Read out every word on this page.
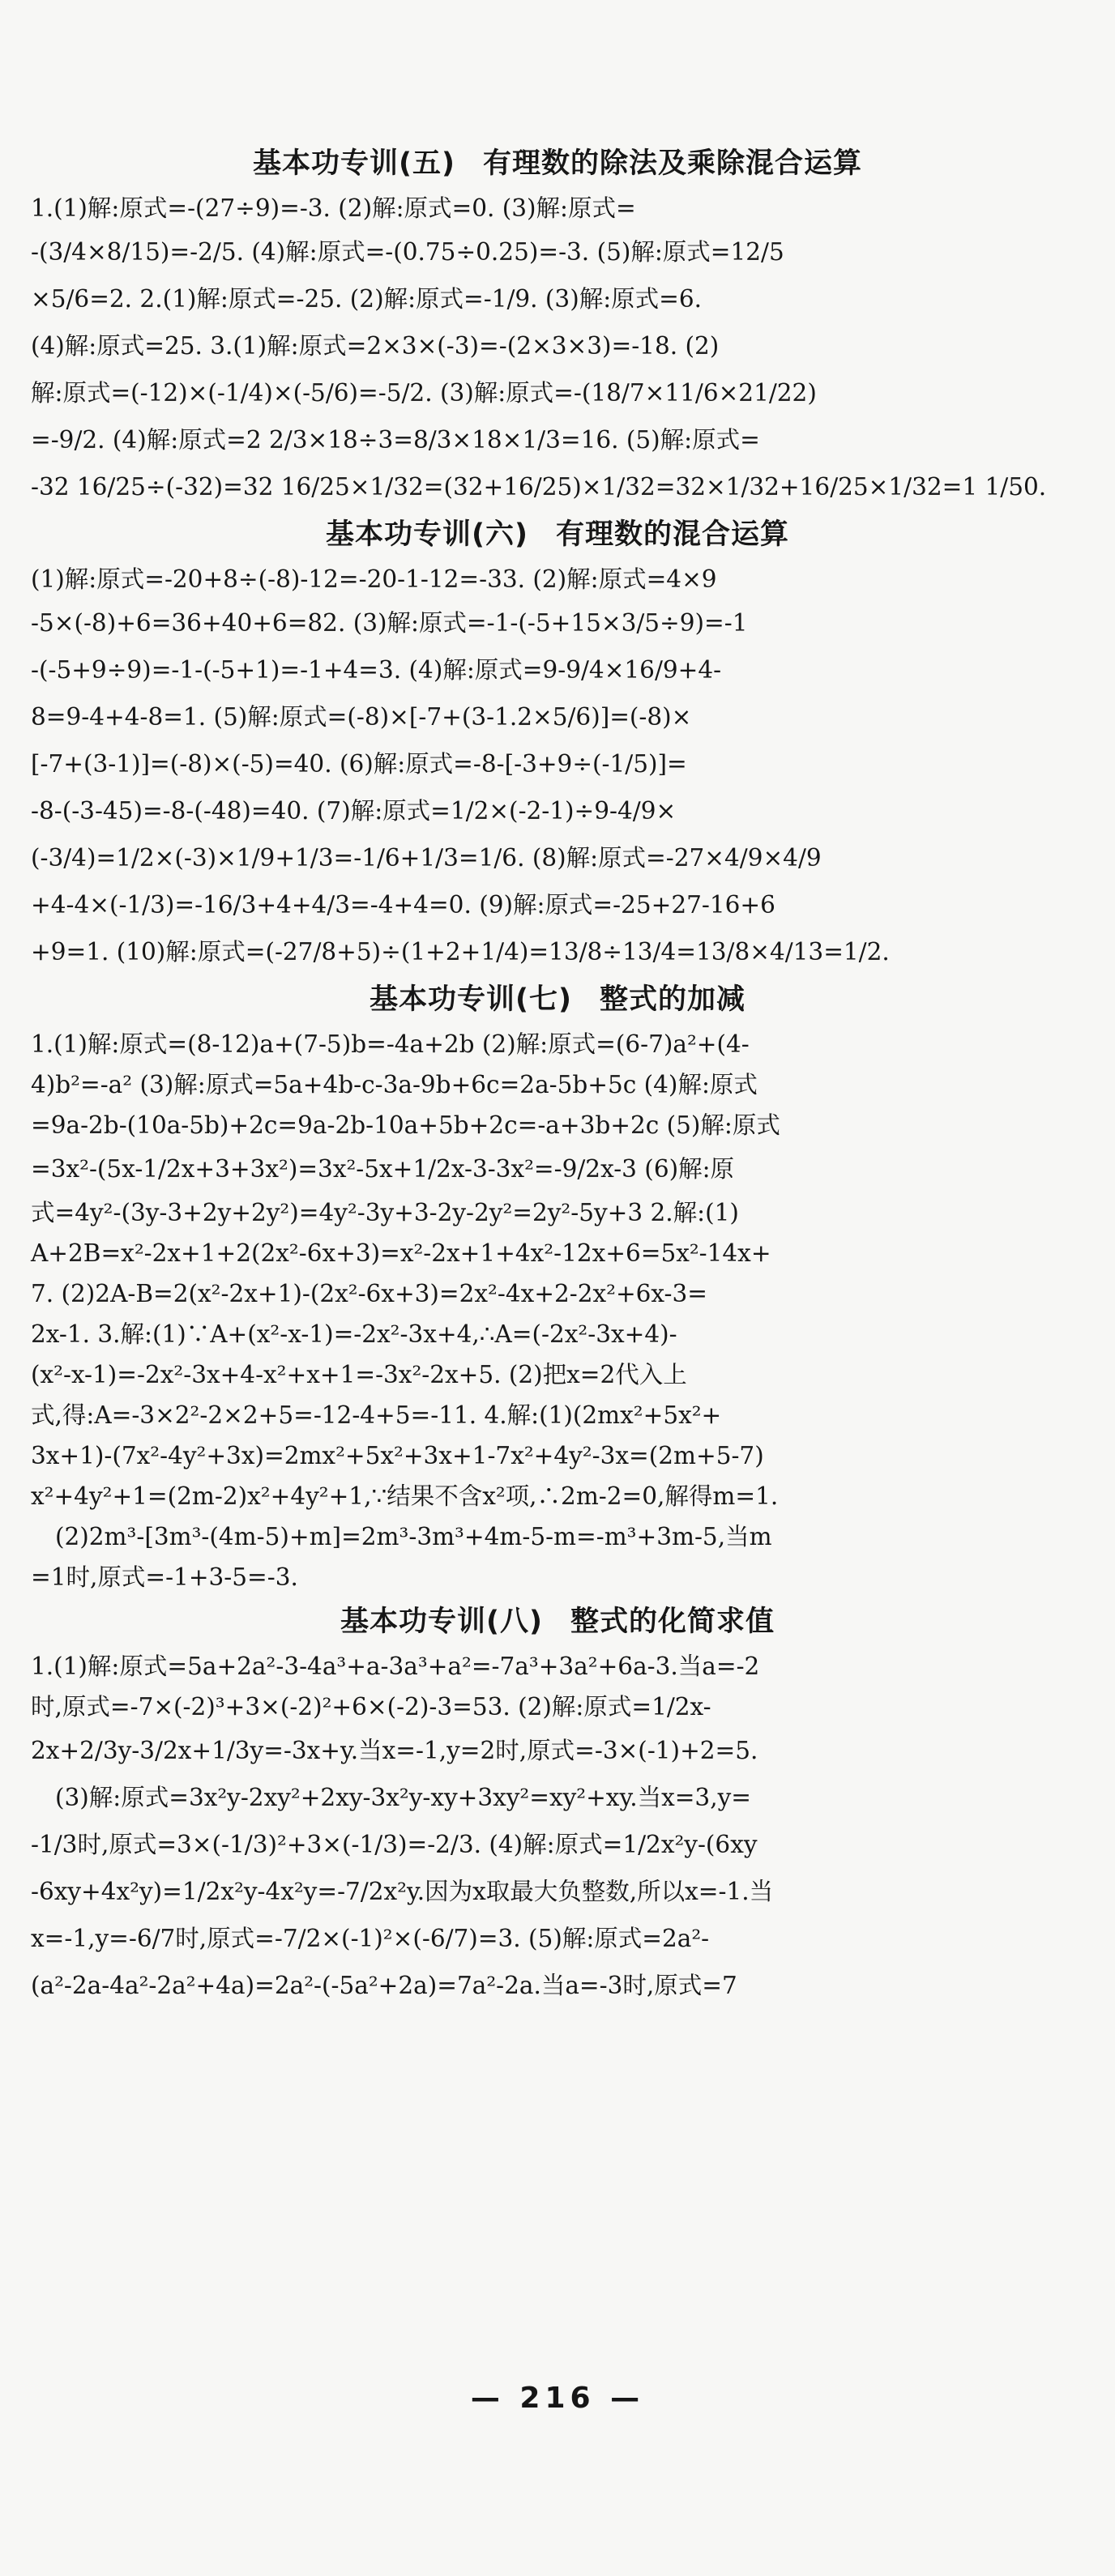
基本功专训(五) 有理数的除法及乘除混合运算
1.(1)解:原式=-(27÷9)=-3. (2)解:原式=0. (3)解:原式=
-(3/4×8/15)=-2/5. (4)解:原式=-(0.75÷0.25)=-3. (5)解:原式=12/5
×5/6=2. 2.(1)解:原式=-25. (2)解:原式=-1/9. (3)解:原式=6.
(4)解:原式=25. 3.(1)解:原式=2×3×(-3)=-(2×3×3)=-18. (2)
解:原式=(-12)×(-1/4)×(-5/6)=-5/2. (3)解:原式=-(18/7×11/6×21/22)
=-9/2. (4)解:原式=2 2/3×18÷3=8/3×18×1/3=16. (5)解:原式=
-32 16/25÷(-32)=32 16/25×1/32=(32+16/25)×1/32=32×1/32+16/25×1/32=1 1/50.
基本功专训(六) 有理数的混合运算
(1)解:原式=-20+8÷(-8)-12=-20-1-12=-33. (2)解:原式=4×9
-5×(-8)+6=36+40+6=82. (3)解:原式=-1-(-5+15×3/5÷9)=-1
-(-5+9÷9)=-1-(-5+1)=-1+4=3. (4)解:原式=9-9/4×16/9+4-
8=9-4+4-8=1. (5)解:原式=(-8)×[-7+(3-1.2×5/6)]=(-8)×
[-7+(3-1)]=(-8)×(-5)=40. (6)解:原式=-8-[-3+9÷(-1/5)]=
-8-(-3-45)=-8-(-48)=40. (7)解:原式=1/2×(-2-1)÷9-4/9×
(-3/4)=1/2×(-3)×1/9+1/3=-1/6+1/3=1/6. (8)解:原式=-27×4/9×4/9
+4-4×(-1/3)=-16/3+4+4/3=-4+4=0. (9)解:原式=-25+27-16+6
+9=1. (10)解:原式=(-27/8+5)÷(1+2+1/4)=13/8÷13/4=13/8×4/13=1/2.
基本功专训(七) 整式的加减
1.(1)解:原式=(8-12)a+(7-5)b=-4a+2b (2)解:原式=(6-7)a²+(4-
4)b²=-a² (3)解:原式=5a+4b-c-3a-9b+6c=2a-5b+5c (4)解:原式
=9a-2b-(10a-5b)+2c=9a-2b-10a+5b+2c=-a+3b+2c (5)解:原式
=3x²-(5x-1/2x+3+3x²)=3x²-5x+1/2x-3-3x²=-9/2x-3 (6)解:原
式=4y²-(3y-3+2y+2y²)=4y²-3y+3-2y-2y²=2y²-5y+3 2.解:(1)
A+2B=x²-2x+1+2(2x²-6x+3)=x²-2x+1+4x²-12x+6=5x²-14x+
7. (2)2A-B=2(x²-2x+1)-(2x²-6x+3)=2x²-4x+2-2x²+6x-3=
2x-1. 3.解:(1)∵A+(x²-x-1)=-2x²-3x+4,∴A=(-2x²-3x+4)-
(x²-x-1)=-2x²-3x+4-x²+x+1=-3x²-2x+5. (2)把x=2代入上
式,得:A=-3×2²-2×2+5=-12-4+5=-11. 4.解:(1)(2mx²+5x²+
3x+1)-(7x²-4y²+3x)=2mx²+5x²+3x+1-7x²+4y²-3x=(2m+5-7)
x²+4y²+1=(2m-2)x²+4y²+1,∵结果不含x²项,∴2m-2=0,解得m=1.
(2)2m³-[3m³-(4m-5)+m]=2m³-3m³+4m-5-m=-m³+3m-5,当m
=1时,原式=-1+3-5=-3.
基本功专训(八) 整式的化简求值
1.(1)解:原式=5a+2a²-3-4a³+a-3a³+a²=-7a³+3a²+6a-3.当a=-2
时,原式=-7×(-2)³+3×(-2)²+6×(-2)-3=53. (2)解:原式=1/2x-
2x+2/3y-3/2x+1/3y=-3x+y.当x=-1,y=2时,原式=-3×(-1)+2=5.
(3)解:原式=3x²y-2xy²+2xy-3x²y-xy+3xy²=xy²+xy.当x=3,y=
-1/3时,原式=3×(-1/3)²+3×(-1/3)=-2/3. (4)解:原式=1/2x²y-(6xy
-6xy+4x²y)=1/2x²y-4x²y=-7/2x²y.因为x取最大负整数,所以x=-1.当
x=-1,y=-6/7时,原式=-7/2×(-1)²×(-6/7)=3. (5)解:原式=2a²-
(a²-2a-4a²-2a²+4a)=2a²-(-5a²+2a)=7a²-2a.当a=-3时,原式=7
— 216 —
